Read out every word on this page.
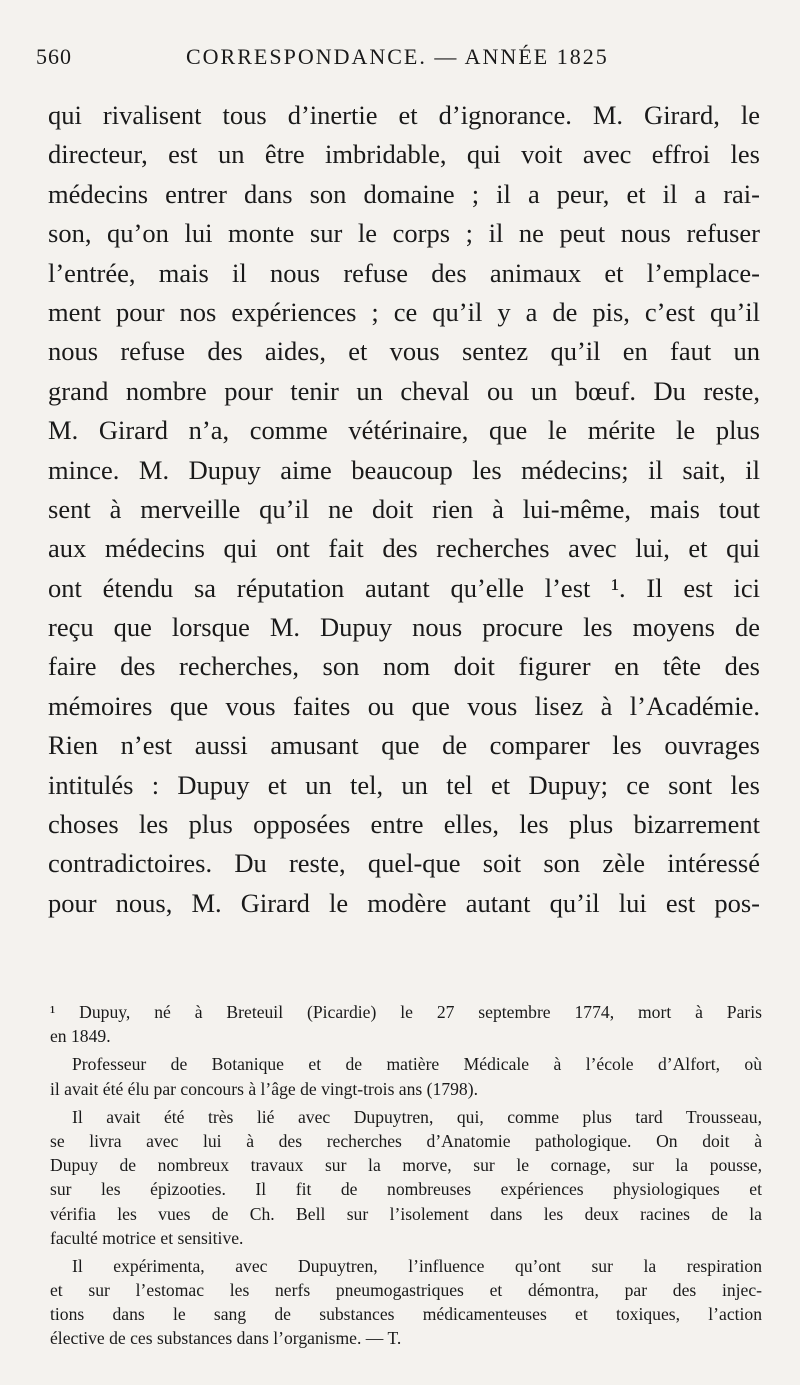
560	CORRESPONDANCE. — ANNÉE 1825
qui rivalisent tous d’inertie et d’ignorance. M. Girard, le
directeur, est un être imbridable, qui voit avec effroi les
médecins entrer dans son domaine ; il a peur, et il a rai-
son, qu’on lui monte sur le corps ; il ne peut nous refuser
l’entrée, mais il nous refuse des animaux et l’emplace-
ment pour nos expériences ; ce qu’il y a de pis, c’est qu’il
nous refuse des aides, et vous sentez qu’il en faut un
grand nombre pour tenir un cheval ou un bœuf. Du reste,
M. Girard n’a, comme vétérinaire, que le mérite le plus
mince. M. Dupuy aime beaucoup les médecins; il sait, il
sent à merveille qu’il ne doit rien à lui-même, mais tout
aux médecins qui ont fait des recherches avec lui, et qui
ont étendu sa réputation autant qu’elle l’est ¹. Il est ici
reçu que lorsque M. Dupuy nous procure les moyens de
faire des recherches, son nom doit figurer en tête des
mémoires que vous faites ou que vous lisez à l’Académie.
Rien n’est aussi amusant que de comparer les ouvrages
intitulés : Dupuy et un tel, un tel et Dupuy; ce sont les
choses les plus opposées entre elles, les plus bizarrement
contradictoires. Du reste, quel-que soit son zèle intéressé
pour nous, M. Girard le modère autant qu’il lui est pos-
¹ Dupuy, né à Breteuil (Picardie) le 27 septembre 1774, mort à Paris
en 1849.
Professeur de Botanique et de matière Médicale à l’école d’Alfort, où
il avait été élu par concours à l’âge de vingt-trois ans (1798).
Il avait été très lié avec Dupuytren, qui, comme plus tard Trousseau,
se livra avec lui à des recherches d’Anatomie pathologique. On doit à
Dupuy de nombreux travaux sur la morve, sur le cornage, sur la pousse,
sur les épizooties. Il fit de nombreuses expériences physiologiques et
vérifia les vues de Ch. Bell sur l’isolement dans les deux racines de la
faculté motrice et sensitive.
Il expérimenta, avec Dupuytren, l’influence qu’ont sur la respiration
et sur l’estomac les nerfs pneumogastriques et démontra, par des injec-
tions dans le sang de substances médicamenteuses et toxiques, l’action
élective de ces substances dans l’organisme. — T.
